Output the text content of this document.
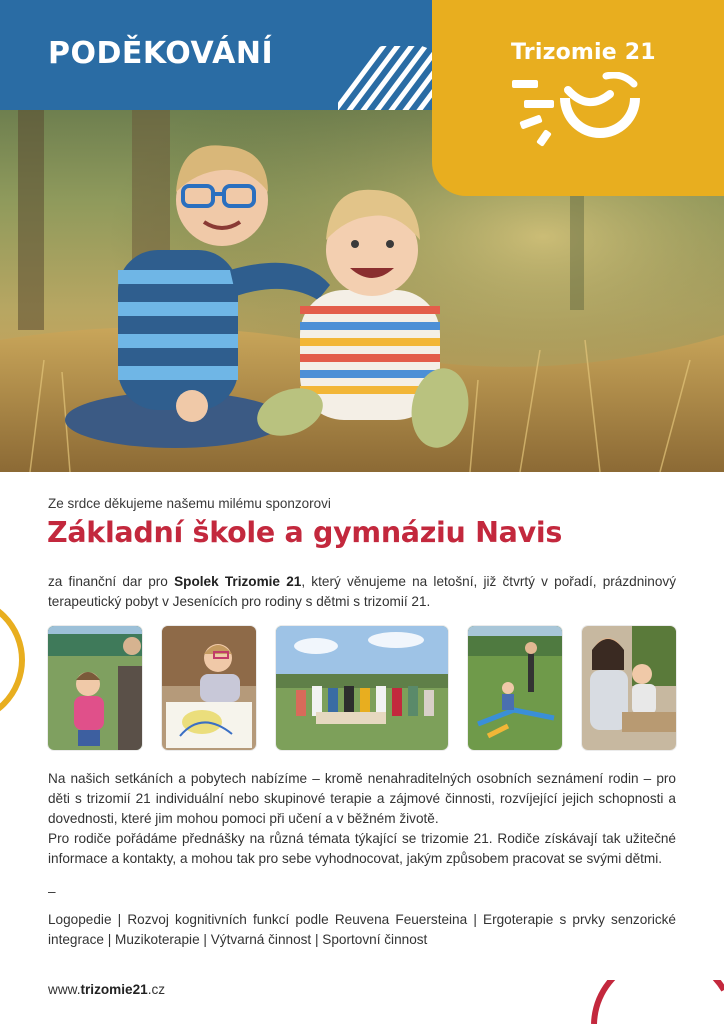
PODĚKOVÁNÍ	Trizomie 21

Ze srdce děkujeme našemu milému sponzorovi

Základní škole a gymnáziu Navis

za finanční dar pro Spolek Trizomie 21, který věnujeme na letošní, již čtvrtý v pořadí, prázdninový terapeutický pobyt v Jesenících pro rodiny s dětmi s trizomií 21.

Na našich setkáních a pobytech nabízíme – kromě nenahraditelných osobních seznámení rodin – pro děti s trizomií 21 individuální nebo skupinové terapie a zájmové činnosti, rozvíjející jejich schopnosti a dovednosti, které jim mohou pomoci při učení a v běžném životě.

Pro rodiče pořádáme přednášky na různá témata týkající se trizomie 21. Rodiče získávají tak užitečné informace a kontakty, a mohou tak pro sebe vyhodnocovat, jakým způsobem pracovat se svými dětmi.

–

Logopedie | Rozvoj kognitivních funkcí podle Reuvena Feuersteina | Ergoterapie s prvky senzorické integrace | Muzikoterapie | Výtvarná činnost | Sportovní činnost

www.trizomie21.cz
